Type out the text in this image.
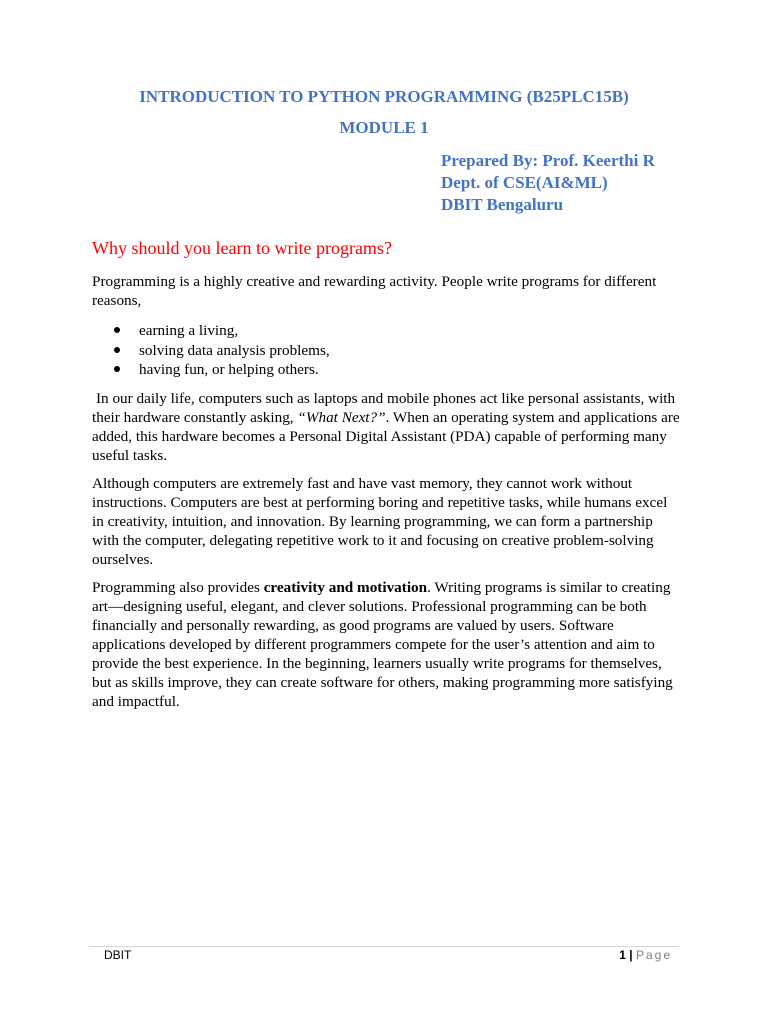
INTRODUCTION TO PYTHON PROGRAMMING (B25PLC15B)
MODULE 1
Prepared By: Prof. Keerthi R
Dept. of CSE(AI&ML)
DBIT Bengaluru
Why should you learn to write programs?
Programming is a highly creative and rewarding activity. People write programs for different reasons,
earning a living,
solving data analysis problems,
having fun, or helping others.
In our daily life, computers such as laptops and mobile phones act like personal assistants, with their hardware constantly asking, “What Next?”. When an operating system and applications are added, this hardware becomes a Personal Digital Assistant (PDA) capable of performing many useful tasks.
Although computers are extremely fast and have vast memory, they cannot work without instructions. Computers are best at performing boring and repetitive tasks, while humans excel in creativity, intuition, and innovation. By learning programming, we can form a partnership with the computer, delegating repetitive work to it and focusing on creative problem-solving ourselves.
Programming also provides creativity and motivation. Writing programs is similar to creating art—designing useful, elegant, and clever solutions. Professional programming can be both financially and personally rewarding, as good programs are valued by users. Software applications developed by different programmers compete for the user’s attention and aim to provide the best experience. In the beginning, learners usually write programs for themselves, but as skills improve, they can create software for others, making programming more satisfying and impactful.
DBIT	1 | Page
